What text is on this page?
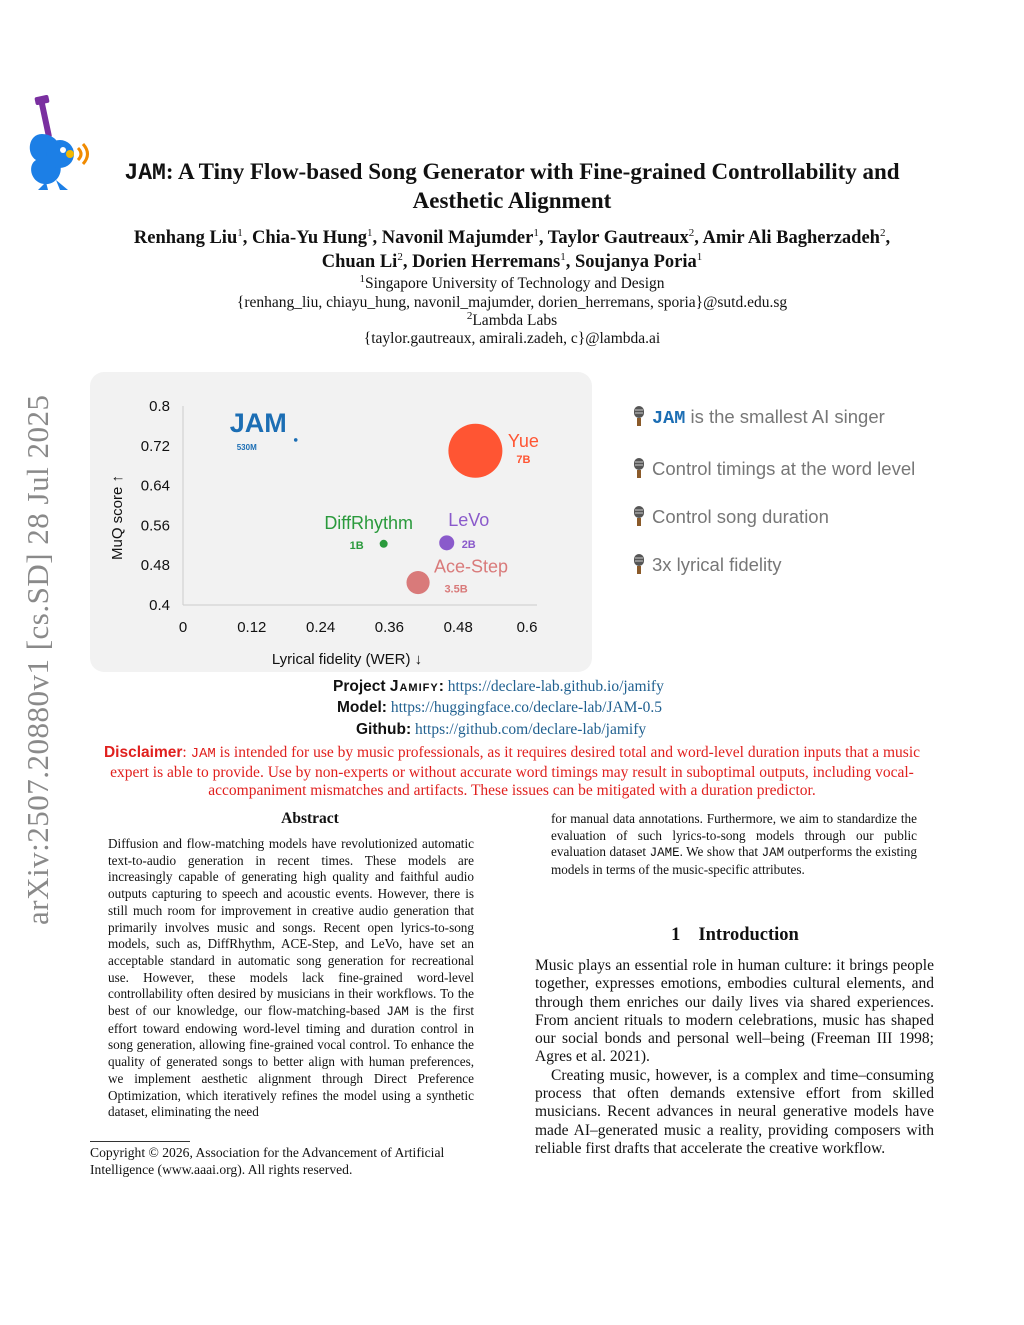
arXiv:2507.20880v1 [cs.SD] 28 Jul 2025
JAM: A Tiny Flow-based Song Generator with Fine-grained Controllability and
Aesthetic Alignment
Renhang Liu$^1$, Chia-Yu Hung$^1$, Navonil Majumder$^1$, Taylor Gautreaux$^2$, Amir Ali Bagherzadeh$^2$,
Chuan Li$^2$, Dorien Herremans$^1$, Soujanya Poria$^1$
$^1$Singapore University of Technology and Design
{renhang_liu, chiayu_hung, navonil_majumder, dorien_herremans, sporia}@sutd.edu.sg
$^2$Lambda Labs
{taylor.gautreaux, amirali.zadeh, c}@lambda.ai
0.4
0.48
0.56
0.64
0.72
0.8
0	0.12	0.24	0.36	0.48	0.6
Lyrical fidelity (WER) ↓
MuQ score ↑
JAM
530M	Yue
7B
DiffRhythm
1B
LeVo
2B
Ace-Step
3.5B
JAM is the smallest AI singer
Control timings at the word level
Control song duration
3x lyrical fidelity
Project Jamify: https://declare-lab.github.io/jamify
Model: https://huggingface.co/declare-lab/JAM-0.5
Github: https://github.com/declare-lab/jamify
Disclaimer: JAM is intended for use by music professionals, as it requires desired total and word-level duration inputs that a music expert is able to provide. Use by non-experts or without accurate word timings may result in suboptimal outputs, including vocal-accompaniment mismatches and artifacts. These issues can be mitigated with a duration predictor.
Abstract
Diffusion and flow-matching models have revolutionized automatic text-to-audio generation in recent times. These models are increasingly capable of generating high quality and faithful audio outputs capturing to speech and acoustic events. However, there is still much room for improvement in creative audio generation that primarily involves music and songs. Recent open lyrics-to-song models, such as, DiffRhythm, ACE-Step, and LeVo, have set an acceptable standard in automatic song generation for recreational use. However, these models lack fine-grained word-level controllability often desired by musicians in their workflows. To the best of our knowledge, our flow-matching-based JAM is the first effort toward endowing word-level timing and duration control in song generation, allowing fine-grained vocal control. To enhance the quality of generated songs to better align with human preferences, we implement aesthetic alignment through Direct Preference Optimization, which iteratively refines the model using a synthetic dataset, eliminating the need
for manual data annotations. Furthermore, we aim to standardize the evaluation of such lyrics-to-song models through our public evaluation dataset JAME. We show that JAM outperforms the existing models in terms of the music-specific attributes.
Copyright © 2026, Association for the Advancement of Artificial Intelligence (www.aaai.org). All rights reserved.
1 Introduction

Music plays an essential role in human culture: it brings people together, expresses emotions, embodies cultural elements, and through them enriches our daily lives via shared experiences. From ancient rituals to modern celebrations, music has shaped our social bonds and personal well–being (Freeman III 1998; Agres et al. 2021).

Creating music, however, is a complex and time–consuming process that often demands extensive effort from skilled musicians. Recent advances in neural generative models have made AI–generated music a reality, providing composers with reliable first drafts that accelerate the creative workflow.
